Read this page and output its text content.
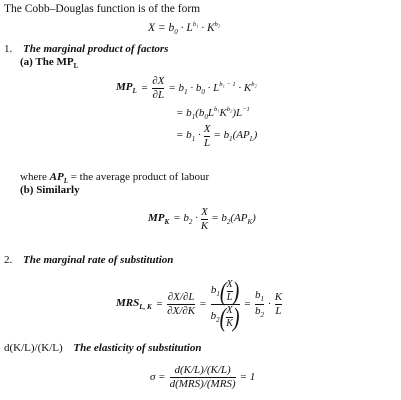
The Cobb–Douglas function is of the form
$X = b_0 \cdot L^{b_1} \cdot K^{b_2}$
1. The marginal product of factors
(a) The $MP_L$
$MP_L = \frac{\partial X}{\partial L} = b_1 \cdot b_0 \cdot L^{b_1 - 1} \cdot K^{b_2}$
= $b_1(b_0L^{b_1}K^{b_2})L^{-1}$
= $b_1 \cdot \frac{X}{L} = b_1(AP_L)$
where $AP_L$ = the average product of labour
(b) Similarly
$MP_K = b_2 \cdot \frac{X}{K} = b_2(AP_K)$
2. The marginal rate of substitution
$MRS_{L, K} = \frac{\partial X/\partial L}{\partial X/\partial K} = \frac{b_1 ( \frac{X}{L} )}{b_2 ( \frac{X}{K} )} = \frac{b_1}{b_2} \cdot \frac{K}{L}$
d(K/L)/(K/L) The elasticity of substitution
$\sigma = \frac{d(K/L)/(K/L)}{\text{d(MRS)/(MRS)}} = 1$
